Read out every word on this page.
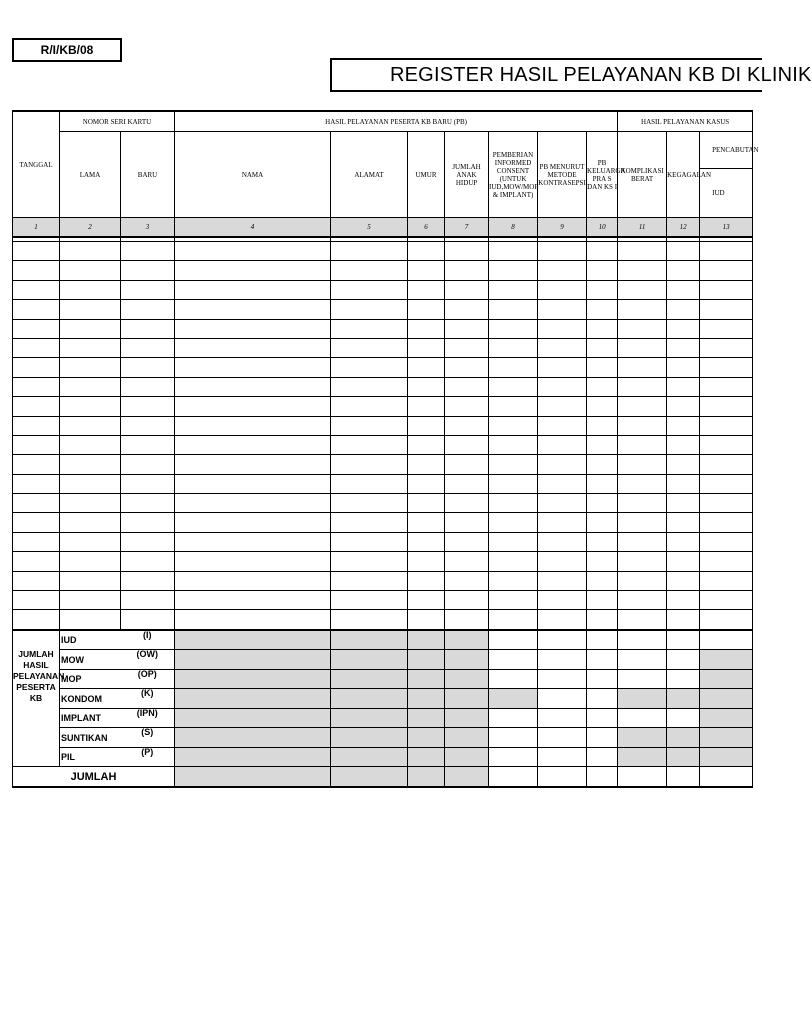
R/I/KB/08
REGISTER HASIL PELAYANAN KB DI KLINIK
TANGGAL	NOMOR SERI KARTU		HASIL PELAYANAN PESERTA KB BARU (PB)							HASIL PELAYANAN KASUS		
	LAMA	BARU	NAMA	ALAMAT	UMUR	JUMLAH ANAK HIDUP	PEMBERIAN INFORMED CONSENT (UNTUK IUD,MOW/MOP & IMPLANT)	PB MENURUT METODE KONTRASEPSI	PB KELUARGA PRA S DAN KS I	KOMPLIKASI BERAT	KEGAGALAN	PENCABUTAN
												IUD
1	2	3	4	5	6	7	8	9	10	11	12	13

JUMLAH HASIL PELAYANAN PESERTA KB	IUD	(I)										
	MOW	(OW)										
	MOP	(OP)										
	KONDOM	(K)										
	IMPLANT	(IPN)										
	SUNTIKAN	(S)										
	PIL	(P)										
JUMLAH												
